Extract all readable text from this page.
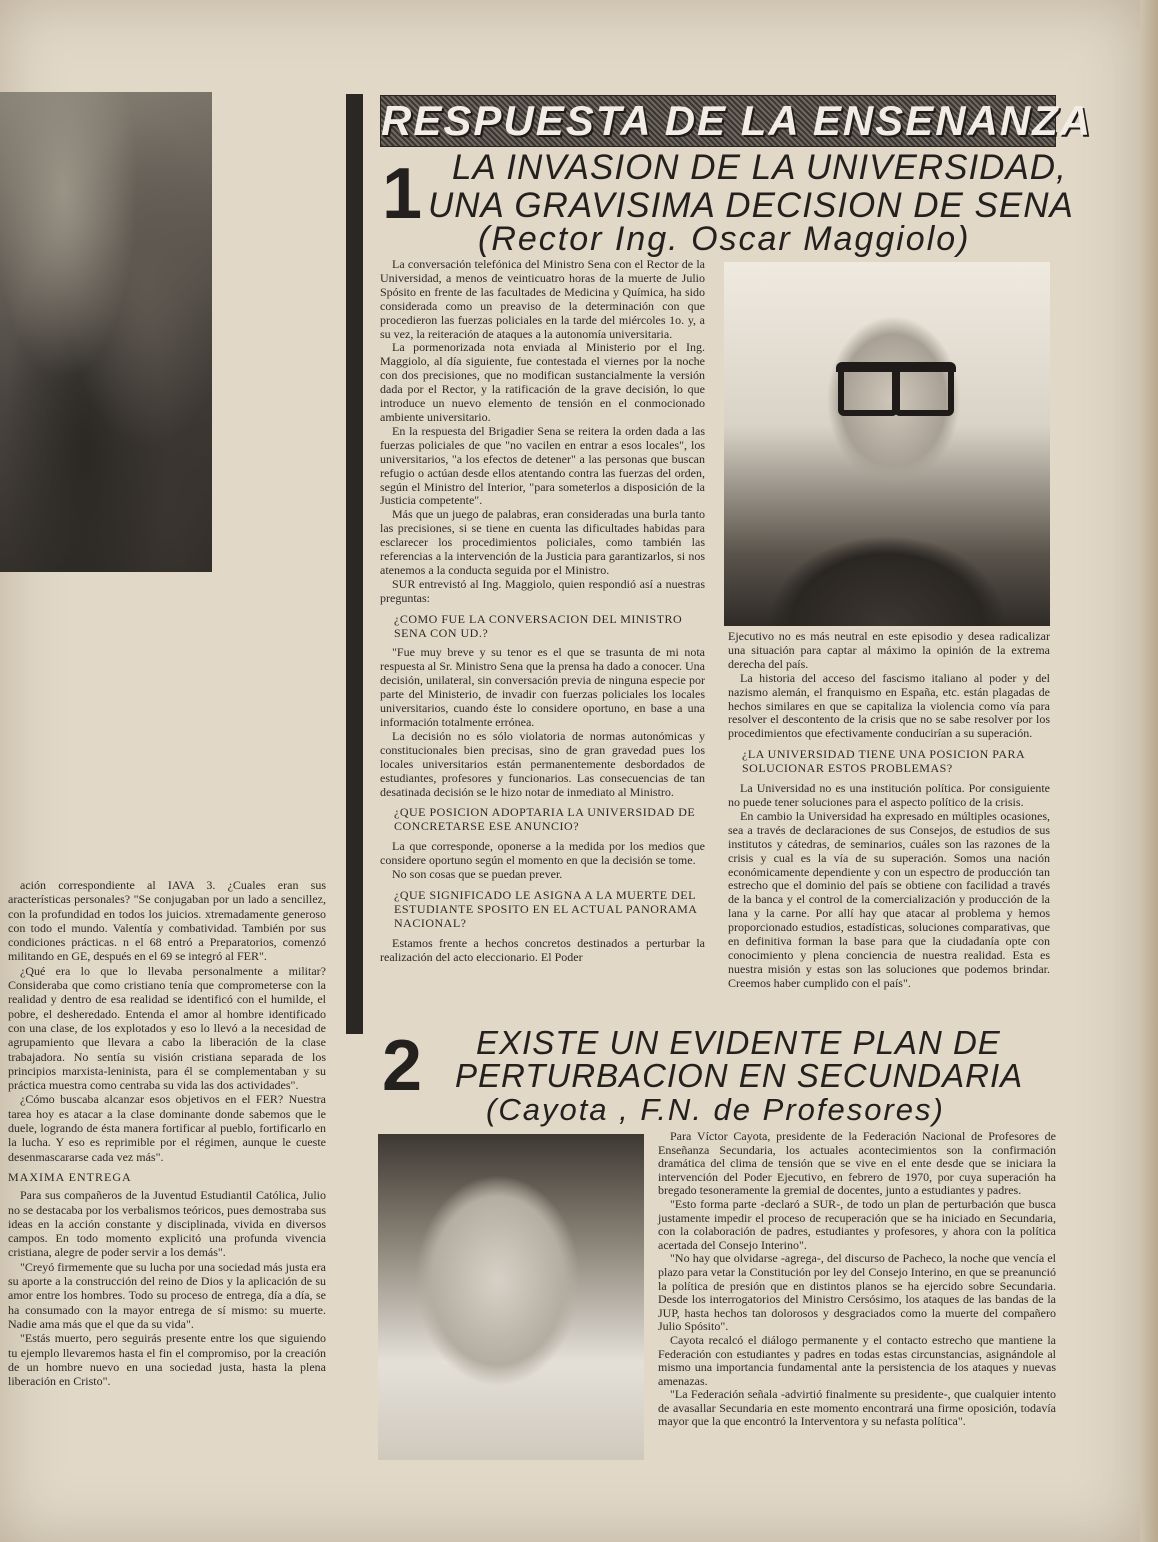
RESPUESTA DE LA ENSENANZA
1 LA INVASION DE LA UNIVERSIDAD,
UNA GRAVISIMA DECISION DE SENA
(Rector Ing. Oscar Maggiolo)

La conversación telefónica del Ministro Sena con el Rector de la Universidad, a menos de veinticuatro horas de la muerte de Julio Spósito en frente de las facultades de Medicina y Química, ha sido considerada como un preaviso de la determinación con que procedieron las fuerzas policiales en la tarde del miércoles 1o. y, a su vez, la reiteración de ataques a la autonomía universitaria.

La pormenorizada nota enviada al Ministerio por el Ing. Maggiolo, al día siguiente, fue contestada el viernes por la noche con dos precisiones, que no modifican sustancialmente la versión dada por el Rector, y la ratificación de la grave decisión, lo que introduce un nuevo elemento de tensión en el conmocionado ambiente universitario.

En la respuesta del Brigadier Sena se reitera la orden dada a las fuerzas policiales de que "no vacilen en entrar a esos locales", los universitarios, "a los efectos de detener" a las personas que buscan refugio o actúan desde ellos atentando contra las fuerzas del orden, según el Ministro del Interior, "para someterlos a disposición de la Justicia competente".

Más que un juego de palabras, eran consideradas una burla tanto las precisiones, si se tiene en cuenta las dificultades habidas para esclarecer los procedimientos policiales, como también las referencias a la intervención de la Justicia para garantizarlos, si nos atenemos a la conducta seguida por el Ministro.

SUR entrevistó al Ing. Maggiolo, quien respondió así a nuestras preguntas:

¿COMO FUE LA CONVERSACION DEL MINISTRO SENA CON UD.?

"Fue muy breve y su tenor es el que se trasunta de mi nota respuesta al Sr. Ministro Sena que la prensa ha dado a conocer. Una decisión, unilateral, sin conversación previa de ninguna especie por parte del Ministerio, de invadir con fuerzas policiales los locales universitarios, cuando éste lo considere oportuno, en base a una información totalmente errónea.

La decisión no es sólo violatoria de normas autonómicas y constitucionales bien precisas, sino de gran gravedad pues los locales universitarios están permanentemente desbordados de estudiantes, profesores y funcionarios. Las consecuencias de tan desatinada decisión se le hizo notar de inmediato al Ministro.

¿QUE POSICION ADOPTARIA LA UNIVERSIDAD DE CONCRETARSE ESE ANUNCIO?

La que corresponde, oponerse a la medida por los medios que considere oportuno según el momento en que la decisión se tome.

No son cosas que se puedan prever.

¿QUE SIGNIFICADO LE ASIGNA A LA MUERTE DEL ESTUDIANTE SPOSITO EN EL ACTUAL PANORAMA NACIONAL?

Estamos frente a hechos concretos destinados a perturbar la realización del acto eleccionario. El Poder

Ejecutivo no es más neutral en este episodio y desea radicalizar una situación para captar al máximo la opinión de la extrema derecha del país.

La historia del acceso del fascismo italiano al poder y del nazismo alemán, el franquismo en España, etc. están plagadas de hechos similares en que se capitaliza la violencia como vía para resolver el descontento de la crisis que no se sabe resolver por los procedimientos que efectivamente conducirían a su superación.

¿LA UNIVERSIDAD TIENE UNA POSICION PARA SOLUCIONAR ESTOS PROBLEMAS?

La Universidad no es una institución política. Por consiguiente no puede tener soluciones para el aspecto político de la crisis.

En cambio la Universidad ha expresado en múltiples ocasiones, sea a través de declaraciones de sus Consejos, de estudios de sus institutos y cátedras, de seminarios, cuáles son las razones de la crisis y cual es la vía de su superación. Somos una nación económicamente dependiente y con un espectro de producción tan estrecho que el dominio del país se obtiene con facilidad a través de la banca y el control de la comercialización y producción de la lana y la carne. Por allí hay que atacar al problema y hemos proporcionado estudios, estadísticas, soluciones comparativas, que en definitiva forman la base para que la ciudadanía opte con conocimiento y plena conciencia de nuestra realidad. Esta es nuestra misión y estas son las soluciones que podemos brindar. Creemos haber cumplido con el país".

2 EXISTE UN EVIDENTE PLAN DE
PERTURBACION EN SECUNDARIA
(Cayota , F.N. de Profesores)

Para Víctor Cayota, presidente de la Federación Nacional de Profesores de Enseñanza Secundaria, los actuales acontecimientos son la confirmación dramática del clima de tensión que se vive en el ente desde que se iniciara la intervención del Poder Ejecutivo, en febrero de 1970, por cuya superación ha bregado tesoneramente la gremial de docentes, junto a estudiantes y padres.

"Esto forma parte -declaró a SUR-, de todo un plan de perturbación que busca justamente impedir el proceso de recuperación que se ha iniciado en Secundaria, con la colaboración de padres, estudiantes y profesores, y ahora con la política acertada del Consejo Interino".

"No hay que olvidarse -agrega-, del discurso de Pacheco, la noche que vencía el plazo para vetar la Constitución por ley del Consejo Interino, en que se preanunció la política de presión que en distintos planos se ha ejercido sobre Secundaria. Desde los interrogatorios del Ministro Cersósimo, los ataques de las bandas de la JUP, hasta hechos tan dolorosos y desgraciados como la muerte del compañero Julio Spósito".

Cayota recalcó el diálogo permanente y el contacto estrecho que mantiene la Federación con estudiantes y padres en todas estas circunstancias, asignándole al mismo una importancia fundamental ante la persistencia de los ataques y nuevas amenazas.

"La Federación señala -advirtió finalmente su presidente-, que cualquier intento de avasallar Secundaria en este momento encontrará una firme oposición, todavía mayor que la que encontró la Interventora y su nefasta política".

ación correspondiente al IAVA 3. ¿Cuales eran sus aracterísticas personales? "Se conjugaban por un lado a sencillez, con la profundidad en todos los juicios. xtremadamente generoso con todo el mundo. Valentía y combatividad. También por sus condiciones prácticas. n el 68 entró a Preparatorios, comenzó militando en GE, después en el 69 se integró al FER".

¿Qué era lo que lo llevaba personalmente a militar? Consideraba que como cristiano tenía que comprometerse con la realidad y dentro de esa realidad se identificó con el humilde, el pobre, el desheredado. Entenda el amor al hombre identificado con una clase, de los explotados y eso lo llevó a la necesidad de agrupamiento que llevara a cabo la liberación de la clase trabajadora. No sentía su visión cristiana separada de los principios marxista-leninista, para él se complementaban y su práctica muestra como centraba su vida las dos actividades".

¿Cómo buscaba alcanzar esos objetivos en el FER? Nuestra tarea hoy es atacar a la clase dominante donde sabemos que le duele, logrando de ésta manera fortificar al pueblo, fortificarlo en la lucha. Y eso es reprimible por el régimen, aunque le cueste desenmascararse cada vez más".

MAXIMA ENTREGA

Para sus compañeros de la Juventud Estudiantil Católica, Julio no se destacaba por los verbalismos teóricos, pues demostraba sus ideas en la acción constante y disciplinada, vivida en diversos campos. En todo momento explicitó una profunda vivencia cristiana, alegre de poder servir a los demás".

"Creyó firmemente que su lucha por una sociedad más justa era su aporte a la construcción del reino de Dios y la aplicación de su amor entre los hombres. Todo su proceso de entrega, día a día, se ha consumado con la mayor entrega de sí mismo: su muerte. Nadie ama más que el que da su vida".

"Estás muerto, pero seguirás presente entre los que siguiendo tu ejemplo llevaremos hasta el fin el compromiso, por la creación de un hombre nuevo en una sociedad justa, hasta la plena liberación en Cristo".
